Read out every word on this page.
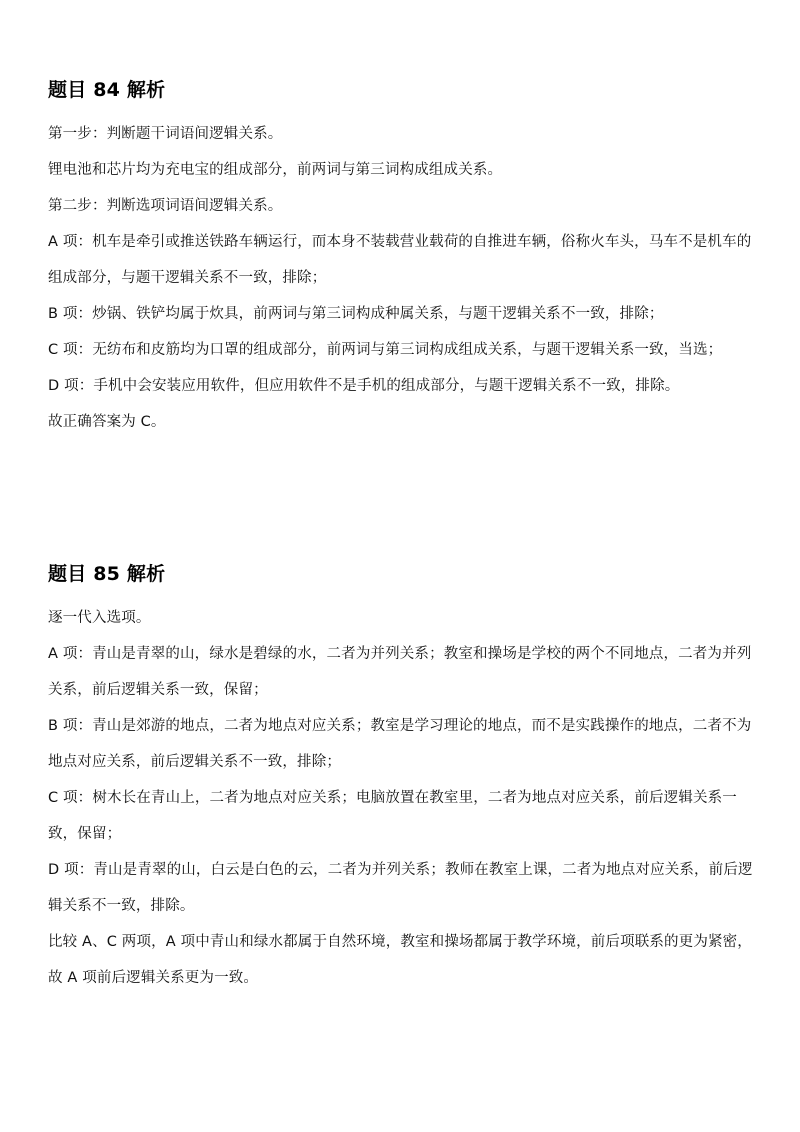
题目 84 解析

第一步：判断题干词语间逻辑关系。

锂电池和芯片均为充电宝的组成部分，前两词与第三词构成组成关系。

第二步：判断选项词语间逻辑关系。

A 项：机车是牵引或推送铁路车辆运行，而本身不装载营业载荷的自推进车辆，俗称火车头，马车不是机车的组成部分，与题干逻辑关系不一致，排除；

B 项：炒锅、铁铲均属于炊具，前两词与第三词构成种属关系，与题干逻辑关系不一致，排除；

C 项：无纺布和皮筋均为口罩的组成部分，前两词与第三词构成组成关系，与题干逻辑关系一致，当选；

D 项：手机中会安装应用软件，但应用软件不是手机的组成部分，与题干逻辑关系不一致，排除。

故正确答案为 C。

题目 85 解析

逐一代入选项。

A 项：青山是青翠的山，绿水是碧绿的水，二者为并列关系；教室和操场是学校的两个不同地点，二者为并列关系，前后逻辑关系一致，保留；

B 项：青山是郊游的地点，二者为地点对应关系；教室是学习理论的地点，而不是实践操作的地点，二者不为地点对应关系，前后逻辑关系不一致，排除；

C 项：树木长在青山上，二者为地点对应关系；电脑放置在教室里，二者为地点对应关系，前后逻辑关系一致，保留；

D 项：青山是青翠的山，白云是白色的云，二者为并列关系；教师在教室上课，二者为地点对应关系，前后逻辑关系不一致，排除。

比较 A、C 两项，A 项中青山和绿水都属于自然环境，教室和操场都属于教学环境，前后项联系的更为紧密，故 A 项前后逻辑关系更为一致。
